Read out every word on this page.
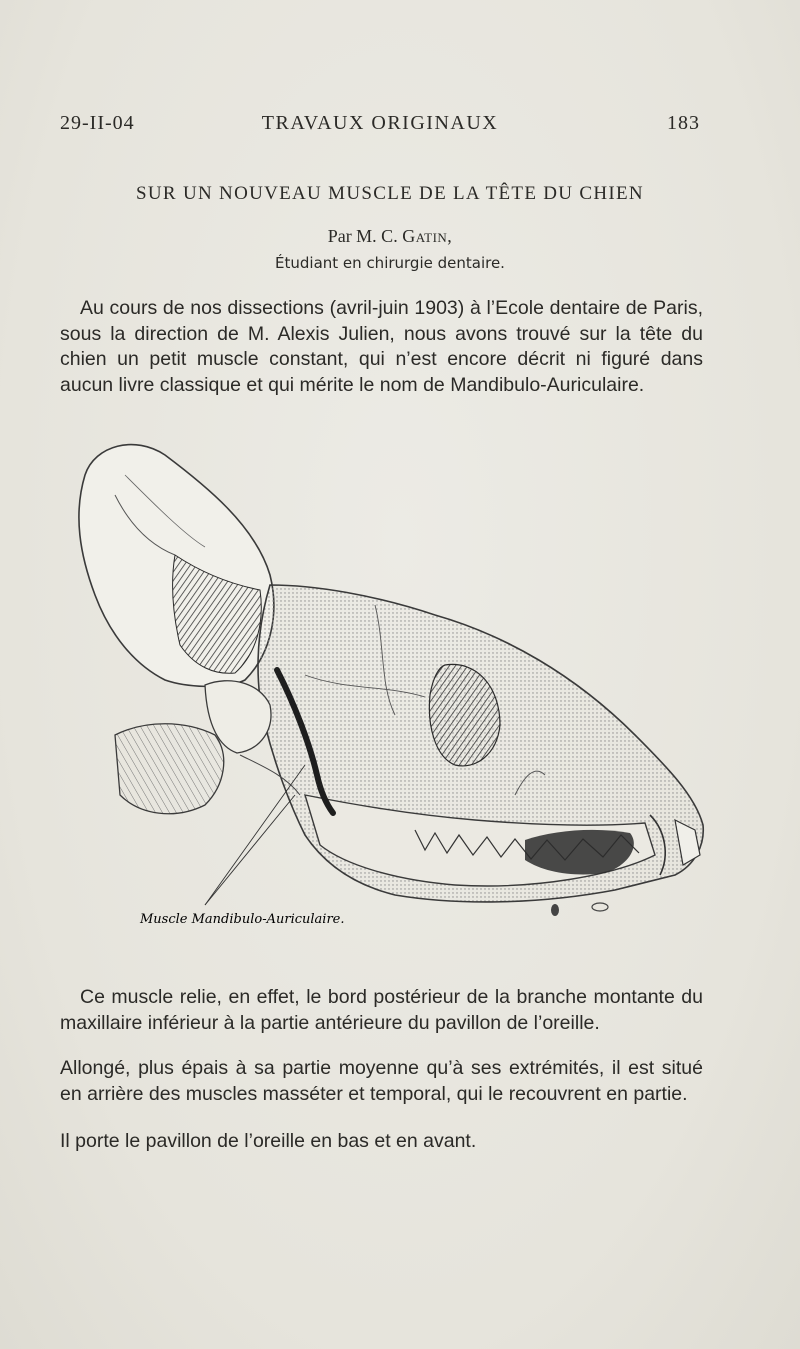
29-II-04	TRAVAUX ORIGINAUX	183
SUR UN NOUVEAU MUSCLE DE LA TÊTE DU CHIEN
Par M. C. Gatin,
Étudiant en chirurgie dentaire.

Au cours de nos dissections (avril-juin 1903) à l’Ecole dentaire de Paris, sous la direction de M. Alexis Julien, nous avons trouvé sur la tête du chien un petit muscle constant, qui n’est encore décrit ni figuré dans aucun livre classique et qui mérite le nom de Mandibulo-Auriculaire.

Muscle Mandibulo-Auriculaire.

Ce muscle relie, en effet, le bord postérieur de la branche montante du maxillaire inférieur à la partie antérieure du pavillon de l’oreille.

Allongé, plus épais à sa partie moyenne qu’à ses extrémités, il est situé en arrière des muscles masséter et temporal, qui le recouvrent en partie.

Il porte le pavillon de l’oreille en bas et en avant.
